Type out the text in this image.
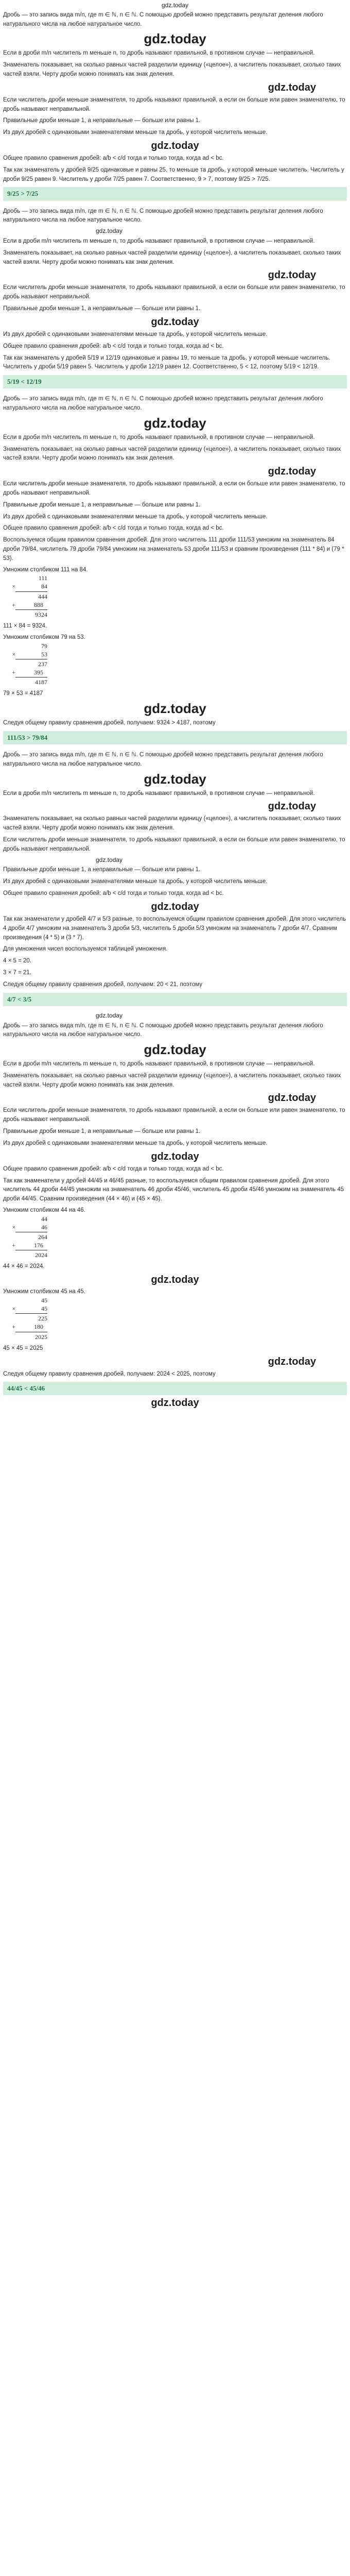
gdz.today

Дробь — это запись вида m/n, где m ∈ ℕ, n ∈ ℕ. С помощью дробей можно представить результат деления любого натурального числа на любое натуральное число.

gdz.today

Если в дроби m/n числитель m меньше n, то дробь называют правильной, в противном случае — неправильной.

Знаменатель показывает, на сколько равных частей разделили единицу («целое»), а числитель показывает, сколько таких частей взяли. Черту дроби можно понимать как знак деления.

gdz.today

Если числитель дроби меньше знаменателя, то дробь называют правильной, а если он больше или равен знаменателю, то дробь называют неправильной.

Правильные дроби меньше 1, а неправильные — больше или равны 1.

Из двух дробей с одинаковыми знаменателями меньше та дробь, у которой числитель меньше.

gdz.today

Общее правило сравнения дробей: a/b < c/d тогда и только тогда, когда ad < bc.

Так как знаменатель у дробей 9/25 одинаковые и равны 25, то меньше та дробь, у которой меньше числитель. Числитель у дроби 9/25 равен 9. Числитель у дроби 7/25 равен 7. Соответственно, 9 > 7, поэтому 9/25 > 7/25.

9/25 > 7/25

Дробь — это запись вида m/n, где m ∈ ℕ, n ∈ ℕ. С помощью дробей можно представить результат деления любого натурального числа на любое натуральное число.

gdz.today

Если в дроби m/n числитель m меньше n, то дробь называют правильной, в противном случае — неправильной.

Знаменатель показывает, на сколько равных частей разделили единицу («целое»), а числитель показывает, сколько таких частей взяли. Черту дроби можно понимать как знак деления.

gdz.today

Если числитель дроби меньше знаменателя, то дробь называют правильной, а если он больше или равен знаменателю, то дробь называют неправильной.

Правильные дроби меньше 1, а неправильные — больше или равны 1.

gdz.today

Из двух дробей с одинаковыми знаменателями меньше та дробь, у которой числитель меньше.

Общее правило сравнения дробей: a/b < c/d тогда и только тогда, когда ad < bc.

Так как знаменатель у дробей 5/19 и 12/19 одинаковые и равны 19, то меньше та дробь, у которой меньше числитель. Числитель у дроби 5/19 равен 5. Числитель у дроби 12/19 равен 12. Соответственно, 5 < 12, поэтому 5/19 < 12/19.

5/19 < 12/19

Дробь — это запись вида m/n, где m ∈ ℕ, n ∈ ℕ. С помощью дробей можно представить результат деления любого натурального числа на любое натуральное число.

gdz.today

Если в дроби m/n числитель m меньше n, то дробь называют правильной, в противном случае — неправильной.

Знаменатель показывает, на сколько равных частей разделили единицу («целое»), а числитель показывает, сколько таких частей взяли. Черту дроби можно понимать как знак деления.

gdz.today

Если числитель дроби меньше знаменателя, то дробь называют правильной, а если он больше или равен знаменателю, то дробь называют неправильной.

Правильные дроби меньше 1, а неправильные — больше или равны 1.

Из двух дробей с одинаковыми знаменателями меньше та дробь, у которой числитель меньше.

Общее правило сравнения дробей: a/b < c/d тогда и только тогда, когда ad < bc.

Воспользуемся общим правилом сравнения дробей. Для этого числитель 111 дроби 111/53 умножим на знаменатель 84 дроби 79/84, числитель 79 дроби 79/84 умножим на знаменатель 53 дроби 111/53 и сравним произведения (111 * 84) и (79 * 53).

Умножим столбиком 111 на 84.
111
×	84
444
+	888
9324

111 × 84 = 9324.

Умножим столбиком 79 на 53.
79
×	53
237
+	395
4187

79 × 53 = 4187

gdz.today

Следуя общему правилу сравнения дробей, получаем: 9324 > 4187, поэтому

111/53 > 79/84

Дробь — это запись вида m/n, где m ∈ ℕ, n ∈ ℕ. С помощью дробей можно представить результат деления любого натурального числа на любое натуральное число.

gdz.today

Если в дроби m/n числитель m меньше n, то дробь называют правильной, в противном случае — неправильной.

gdz.today

Знаменатель показывает, на сколько равных частей разделили единицу («целое»), а числитель показывает, сколько таких частей взяли. Черту дроби можно понимать как знак деления.

Если числитель дроби меньше знаменателя, то дробь называют правильной, а если он больше или равен знаменателю, то дробь называют неправильной.

gdz.today

Правильные дроби меньше 1, а неправильные — больше или равны 1.

Из двух дробей с одинаковыми знаменателями меньше та дробь, у которой числитель меньше.

Общее правило сравнения дробей: a/b < c/d тогда и только тогда, когда ad < bc.

gdz.today

Так как знаменатели у дробей 4/7 и 5/3 разные, то воспользуемся общим правилом сравнения дробей. Для этого числитель 4 дроби 4/7 умножим на знаменатель 3 дроби 5/3, числитель 5 дроби 5/3 умножим на знаменатель 7 дроби 4/7. Сравним произведения (4 * 5) и (3 * 7).

Для умножения чисел воспользуемся таблицей умножения.

4 × 5 = 20.

3 × 7 = 21.

Следуя общему правилу сравнения дробей, получаем: 20 < 21, поэтому

4/7 < 3/5
gdz.today

Дробь — это запись вида m/n, где m ∈ ℕ, n ∈ ℕ. С помощью дробей можно представить результат деления любого натурального числа на любое натуральное число.

gdz.today

Если в дроби m/n числитель m меньше n, то дробь называют правильной, в противном случае — неправильной.

Знаменатель показывает, на сколько равных частей разделили единицу («целое»), а числитель показывает, сколько таких частей взяли. Черту дроби можно понимать как знак деления.

gdz.today

Если числитель дроби меньше знаменателя, то дробь называют правильной, а если он больше или равен знаменателю, то дробь называют неправильной.

Правильные дроби меньше 1, а неправильные — больше или равны 1.

Из двух дробей с одинаковыми знаменателями меньше та дробь, у которой числитель меньше.

gdz.today

Общее правило сравнения дробей: a/b < c/d тогда и только тогда, когда ad < bc.

Так как знаменатели у дробей 44/45 и 46/45 разные, то воспользуемся общим правилом сравнения дробей. Для этого числитель 44 дроби 44/45 умножим на знаменатель 46 дроби 45/46, числитель 45 дроби 45/46 умножим на знаменатель 45 дроби 44/45. Сравним произведения (44 × 46) и (45 × 45).

Умножим столбиком 44 на 46.
44
×	46
264
+	176
2024

44 × 46 = 2024.

gdz.today
Умножим столбиком 45 на 45.
45
×	45
225
+	180
2025

45 × 45 = 2025

gdz.today

Следуя общему правилу сравнения дробей, получаем: 2024 < 2025, поэтому

44/45 < 45/46
gdz.today
